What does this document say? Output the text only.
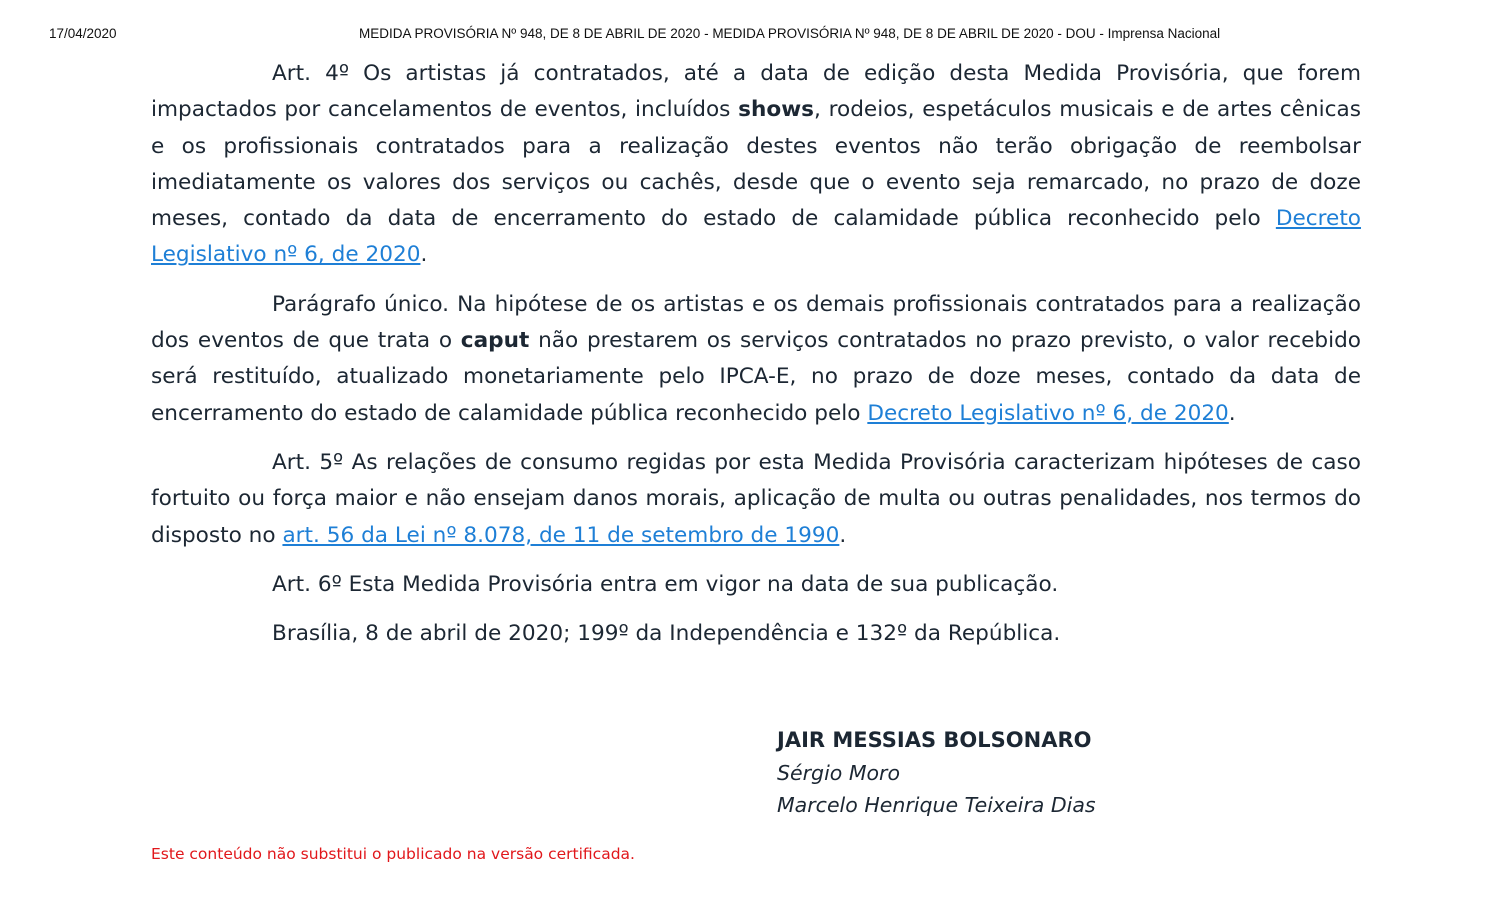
17/04/2020	MEDIDA PROVISÓRIA Nº 948, DE 8 DE ABRIL DE 2020 - MEDIDA PROVISÓRIA Nº 948, DE 8 DE ABRIL DE 2020 - DOU - Imprensa Nacional

Art. 4º Os artistas já contratados, até a data de edição desta Medida Provisória, que forem impactados por cancelamentos de eventos, incluídos shows, rodeios, espetáculos musicais e de artes cênicas e os profissionais contratados para a realização destes eventos não terão obrigação de reembolsar imediatamente os valores dos serviços ou cachês, desde que o evento seja remarcado, no prazo de doze meses, contado da data de encerramento do estado de calamidade pública reconhecido pelo Decreto Legislativo nº 6, de 2020.

Parágrafo único. Na hipótese de os artistas e os demais profissionais contratados para a realização dos eventos de que trata o caput não prestarem os serviços contratados no prazo previsto, o valor recebido será restituído, atualizado monetariamente pelo IPCA-E, no prazo de doze meses, contado da data de encerramento do estado de calamidade pública reconhecido pelo Decreto Legislativo nº 6, de 2020.

Art. 5º As relações de consumo regidas por esta Medida Provisória caracterizam hipóteses de caso fortuito ou força maior e não ensejam danos morais, aplicação de multa ou outras penalidades, nos termos do disposto no art. 56 da Lei nº 8.078, de 11 de setembro de 1990.

Art. 6º Esta Medida Provisória entra em vigor na data de sua publicação.

Brasília, 8 de abril de 2020; 199º da Independência e 132º da República.

JAIR MESSIAS BOLSONARO
Sérgio Moro
Marcelo Henrique Teixeira Dias
Este conteúdo não substitui o publicado na versão certificada.
